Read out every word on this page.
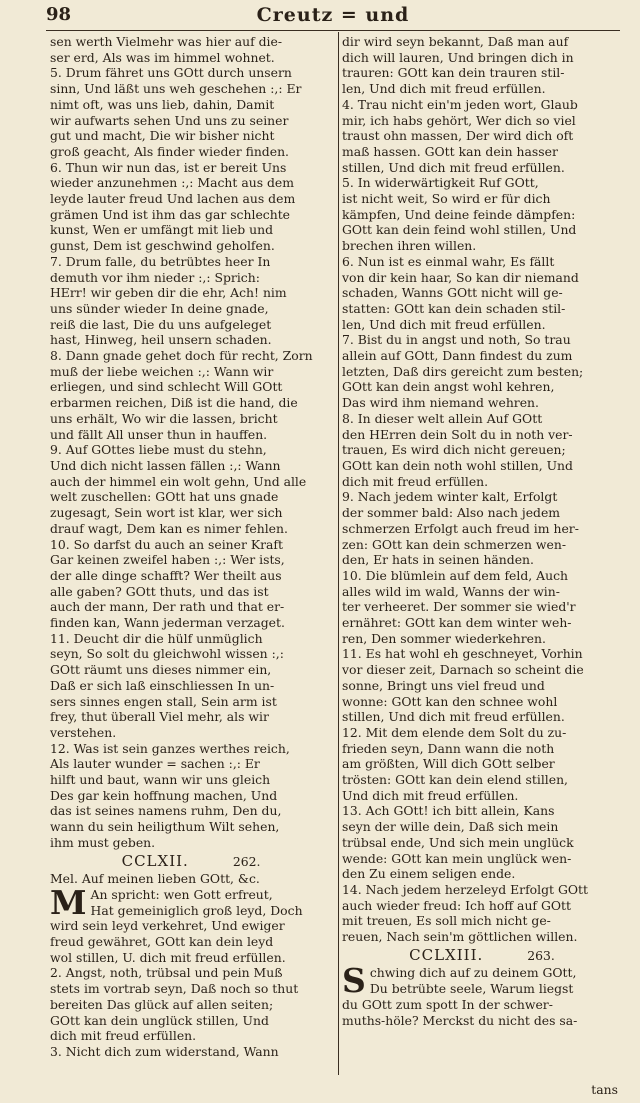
98	Creutz = und

sen werth Vielmehr was hier auf die-

ser erd, Als was im himmel wohnet.

5. Drum fähret uns GOtt durch unsern

sinn, Und läßt uns weh geschehen :,: Er

nimt oft, was uns lieb, dahin, Damit

wir aufwarts sehen Und uns zu seiner

gut und macht, Die wir bisher nicht

groß geacht, Als finder wieder finden.

6. Thun wir nun das, ist er bereit Uns

wieder anzunehmen :,: Macht aus dem

leyde lauter freud Und lachen aus dem

grämen Und ist ihm das gar schlechte

kunst, Wen er umfängt mit lieb und

gunst, Dem ist geschwind geholfen.

7. Drum falle, du betrübtes heer In

demuth vor ihm nieder :,: Sprich:

HErr! wir geben dir die ehr, Ach! nim

uns sünder wieder In deine gnade,

reiß die last, Die du uns aufgeleget

hast, Hinweg, heil unsern schaden.

8. Dann gnade gehet doch für recht, Zorn

muß der liebe weichen :,: Wann wir

erliegen, und sind schlecht Will GOtt

erbarmen reichen, Diß ist die hand, die

uns erhält, Wo wir die lassen, bricht

und fällt All unser thun in hauffen.

9. Auf GOttes liebe must du stehn,

Und dich nicht lassen fällen :,: Wann

auch der himmel ein wolt gehn, Und alle

welt zuschellen: GOtt hat uns gnade

zugesagt, Sein wort ist klar, wer sich

drauf wagt, Dem kan es nimer fehlen.

10. So darfst du auch an seiner Kraft

Gar keinen zweifel haben :,: Wer ists,

der alle dinge schafft? Wer theilt aus

alle gaben? GOtt thuts, und das ist

auch der mann, Der rath und that er-

finden kan, Wann jederman verzaget.

11. Deucht dir die hülf unmüglich

seyn, So solt du gleichwohl wissen :,:

GOtt räumt uns dieses nimmer ein,

Daß er sich laß einschliessen In un-

sers sinnes engen stall, Sein arm ist

frey, thut überall Viel mehr, als wir

verstehen.

12. Was ist sein ganzes werthes reich,

Als lauter wunder = sachen :,: Er

hilft und baut, wann wir uns gleich

Des gar kein hoffnung machen, Und

das ist seines namens ruhm, Den du,

wann du sein heiligthum Wilt sehen,

ihm must geben.

CCLXII.	262.

Mel. Auf meinen lieben GOtt, &c.

M An spricht: wen Gott erfreut,

Hat gemeiniglich groß leyd, Doch

wird sein leyd verkehret, Und ewiger

freud gewähret, GOtt kan dein leyd

wol stillen, U. dich mit freud erfüllen.

2. Angst, noth, trübsal und pein Muß

stets im vortrab seyn, Daß noch so thut

bereiten Das glück auf allen seiten;

GOtt kan dein unglück stillen, Und

dich mit freud erfüllen.

3. Nicht dich zum widerstand, Wann

dir wird seyn bekannt, Daß man auf

dich will lauren, Und bringen dich in

trauren: GOtt kan dein trauren stil-

len, Und dich mit freud erfüllen.

4. Trau nicht ein'm jeden wort, Glaub

mir, ich habs gehört, Wer dich so viel

traust ohn massen, Der wird dich oft

maß hassen. GOtt kan dein hasser

stillen, Und dich mit freud erfüllen.

5. In widerwärtigkeit Ruf GOtt,

ist nicht weit, So wird er für dich

kämpfen, Und deine feinde dämpfen:

GOtt kan dein feind wohl stillen, Und

brechen ihren willen.

6. Nun ist es einmal wahr, Es fällt

von dir kein haar, So kan dir niemand

schaden, Wanns GOtt nicht will ge-

statten: GOtt kan dein schaden stil-

len, Und dich mit freud erfüllen.

7. Bist du in angst und noth, So trau

allein auf GOtt, Dann findest du zum

letzten, Daß dirs gereicht zum besten;

GOtt kan dein angst wohl kehren,

Das wird ihm niemand wehren.

8. In dieser welt allein Auf GOtt

den HErren dein Solt du in noth ver-

trauen, Es wird dich nicht gereuen;

GOtt kan dein noth wohl stillen, Und

dich mit freud erfüllen.

9. Nach jedem winter kalt, Erfolgt

der sommer bald: Also nach jedem

schmerzen Erfolgt auch freud im her-

zen: GOtt kan dein schmerzen wen-

den, Er hats in seinen händen.

10. Die blümlein auf dem feld, Auch

alles wild im wald, Wanns der win-

ter verheeret. Der sommer sie wied'r

ernähret: GOtt kan dem winter weh-

ren, Den sommer wiederkehren.

11. Es hat wohl eh geschneyet, Vorhin

vor dieser zeit, Darnach so scheint die

sonne, Bringt uns viel freud und

wonne: GOtt kan den schnee wohl

stillen, Und dich mit freud erfüllen.

12. Mit dem elende dem Solt du zu-

frieden seyn, Dann wann die noth

am größten, Will dich GOtt selber

trösten: GOtt kan dein elend stillen,

Und dich mit freud erfüllen.

13. Ach GOtt! ich bitt allein, Kans

seyn der wille dein, Daß sich mein

trübsal ende, Und sich mein unglück

wende: GOtt kan mein unglück wen-

den Zu einem seligen ende.

14. Nach jedem herzeleyd Erfolgt GOtt

auch wieder freud: Ich hoff auf GOtt

mit treuen, Es soll mich nicht ge-

reuen, Nach sein'm göttlichen willen.

CCLXIII.	263.
S chwing dich auf zu deinem GOtt,

Du betrübte seele, Warum liegst

du GOtt zum spott In der schwer-

muths-höle? Merckst du nicht des sa-

tans
